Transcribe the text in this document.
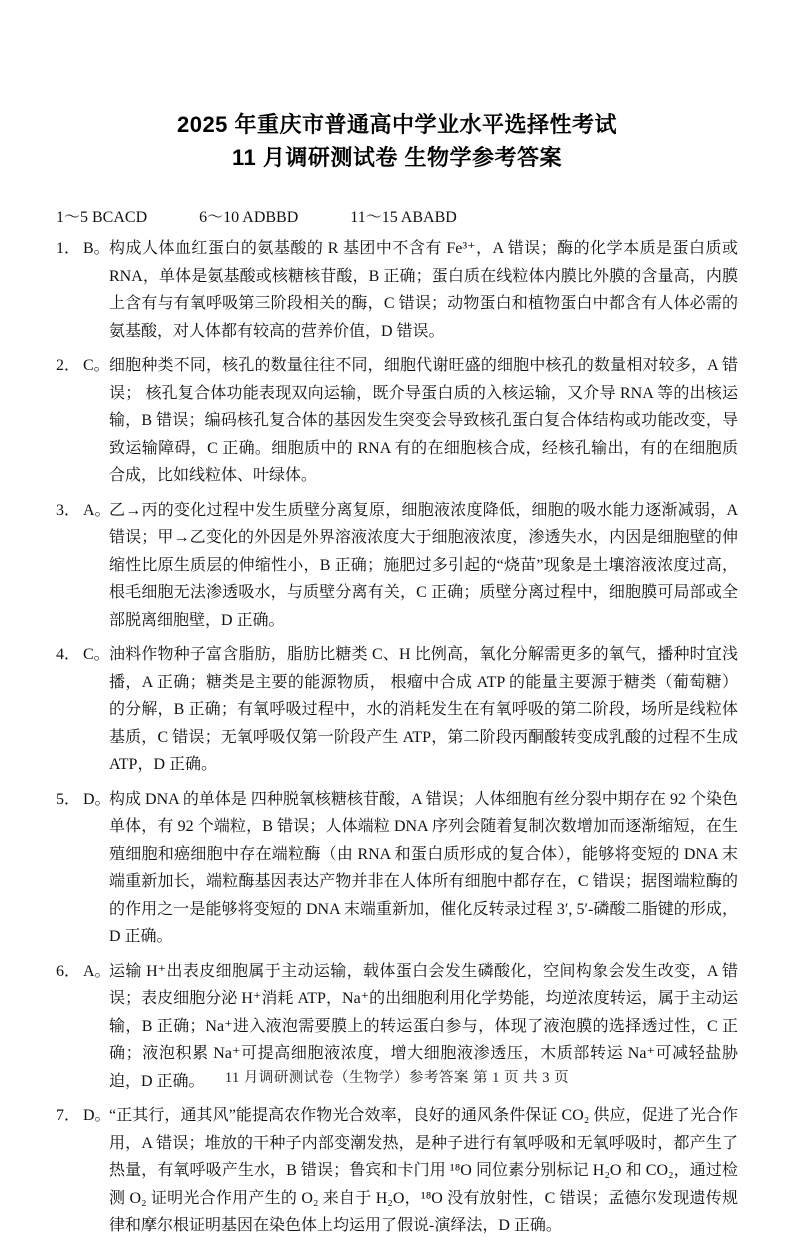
2025 年重庆市普通高中学业水平选择性考试
11 月调研测试卷 生物学参考答案
1～5 BCACD	6～10 ADBBD	11～15 ABABD
1． B。 构成人体血红蛋白的氨基酸的 R 基团中不含有 Fe³⁺，A 错误；酶的化学本质是蛋白质或 RNA，单体是氨基酸或核糖核苷酸，B 正确；蛋白质在线粒体内膜比外膜的含量高，内膜上含有与有氧呼吸第三阶段相关的酶，C 错误；动物蛋白和植物蛋白中都含有人体必需的氨基酸，对人体都有较高的营养价值，D 错误。
2． C。 细胞种类不同，核孔的数量往往不同，细胞代谢旺盛的细胞中核孔的数量相对较多，A 错误； 核孔复合体功能表现双向运输，既介导蛋白质的入核运输，又介导 RNA 等的出核运输，B 错误；编码核孔复合体的基因发生突变会导致核孔蛋白复合体结构或功能改变，导致运输障碍，C 正确。细胞质中的 RNA 有的在细胞核合成，经核孔输出，有的在细胞质合成，比如线粒体、叶绿体。
3． A。
乙→丙的变化过程中发生质壁分离复原，细胞液浓度降低，细胞的吸水能力逐渐减弱，A 错误；甲→乙变化的外因是外界溶液浓度大于细胞液浓度，渗透失水，内因是细胞壁的伸缩性比原生质层的伸缩性小，B 正确；施肥过多引起的“烧苗”现象是土壤溶液浓度过高，根毛细胞无法渗透吸水，与质壁分离有关，C 正确；质壁分离过程中，细胞膜可局部或全部脱离细胞壁，D 正确。
4． C。 油料作物种子富含脂肪，脂肪比糖类 C、H 比例高，氧化分解需更多的氧气，播种时宜浅播，A 正确；糖类是主要的能源物质， 根瘤中合成 ATP 的能量主要源于糖类（葡萄糖）的分解，B 正确；有氧呼吸过程中，水的消耗发生在有氧呼吸的第二阶段，场所是线粒体基质，C 错误；无氧呼吸仅第一阶段产生 ATP，第二阶段丙酮酸转变成乳酸的过程不生成 ATP，D 正确。
5． D。
构成 DNA 的单体是 四种脱氧核糖核苷酸，A 错误；人体细胞有丝分裂中期存在 92 个染色单体，有 92 个端粒，B 错误；人体端粒 DNA 序列会随着复制次数增加而逐渐缩短，在生殖细胞和癌细胞中存在端粒酶（由 RNA 和蛋白质形成的复合体），能够将变短的 DNA 末端重新加长，端粒酶基因表达产物并非在人体所有细胞中都存在，C 错误；据图端粒酶的的作用之一是能够将变短的 DNA 末端重新加，催化反转录过程 3′, 5′-磷酸二脂键的形成，D 正确。
6． A。
运输 H⁺出表皮细胞属于主动运输，载体蛋白会发生磷酸化，空间构象会发生改变，A 错误；表皮细胞分泌 H⁺消耗 ATP，Na⁺的出细胞利用化学势能，均逆浓度转运，属于主动运输，B 正确；Na⁺进入液泡需要膜上的转运蛋白参与，体现了液泡膜的选择透过性，C 正确；液泡积累 Na⁺可提高细胞液浓度，增大细胞液渗透压，木质部转运 Na⁺可减轻盐胁迫，D 正确。
7． D。
“正其行，通其风”能提高农作物光合效率，良好的通风条件保证 CO₂ 供应，促进了光合作用，A 错误；堆放的干种子内部变潮发热，是种子进行有氧呼吸和无氧呼吸时，都产生了热量，有氧呼吸产生水，B 错误；鲁宾和卡门用 ¹⁸O 同位素分别标记 H₂O 和 CO₂，通过检测 O₂ 证明光合作用产生的 O₂ 来自于 H₂O，¹⁸O 没有放射性，C 错误；孟德尔发现遗传规律和摩尔根证明基因在染色体上均运用了假说-演绎法，D 正确。
11 月调研测试卷（生物学）参考答案 第 1 页 共 3 页
